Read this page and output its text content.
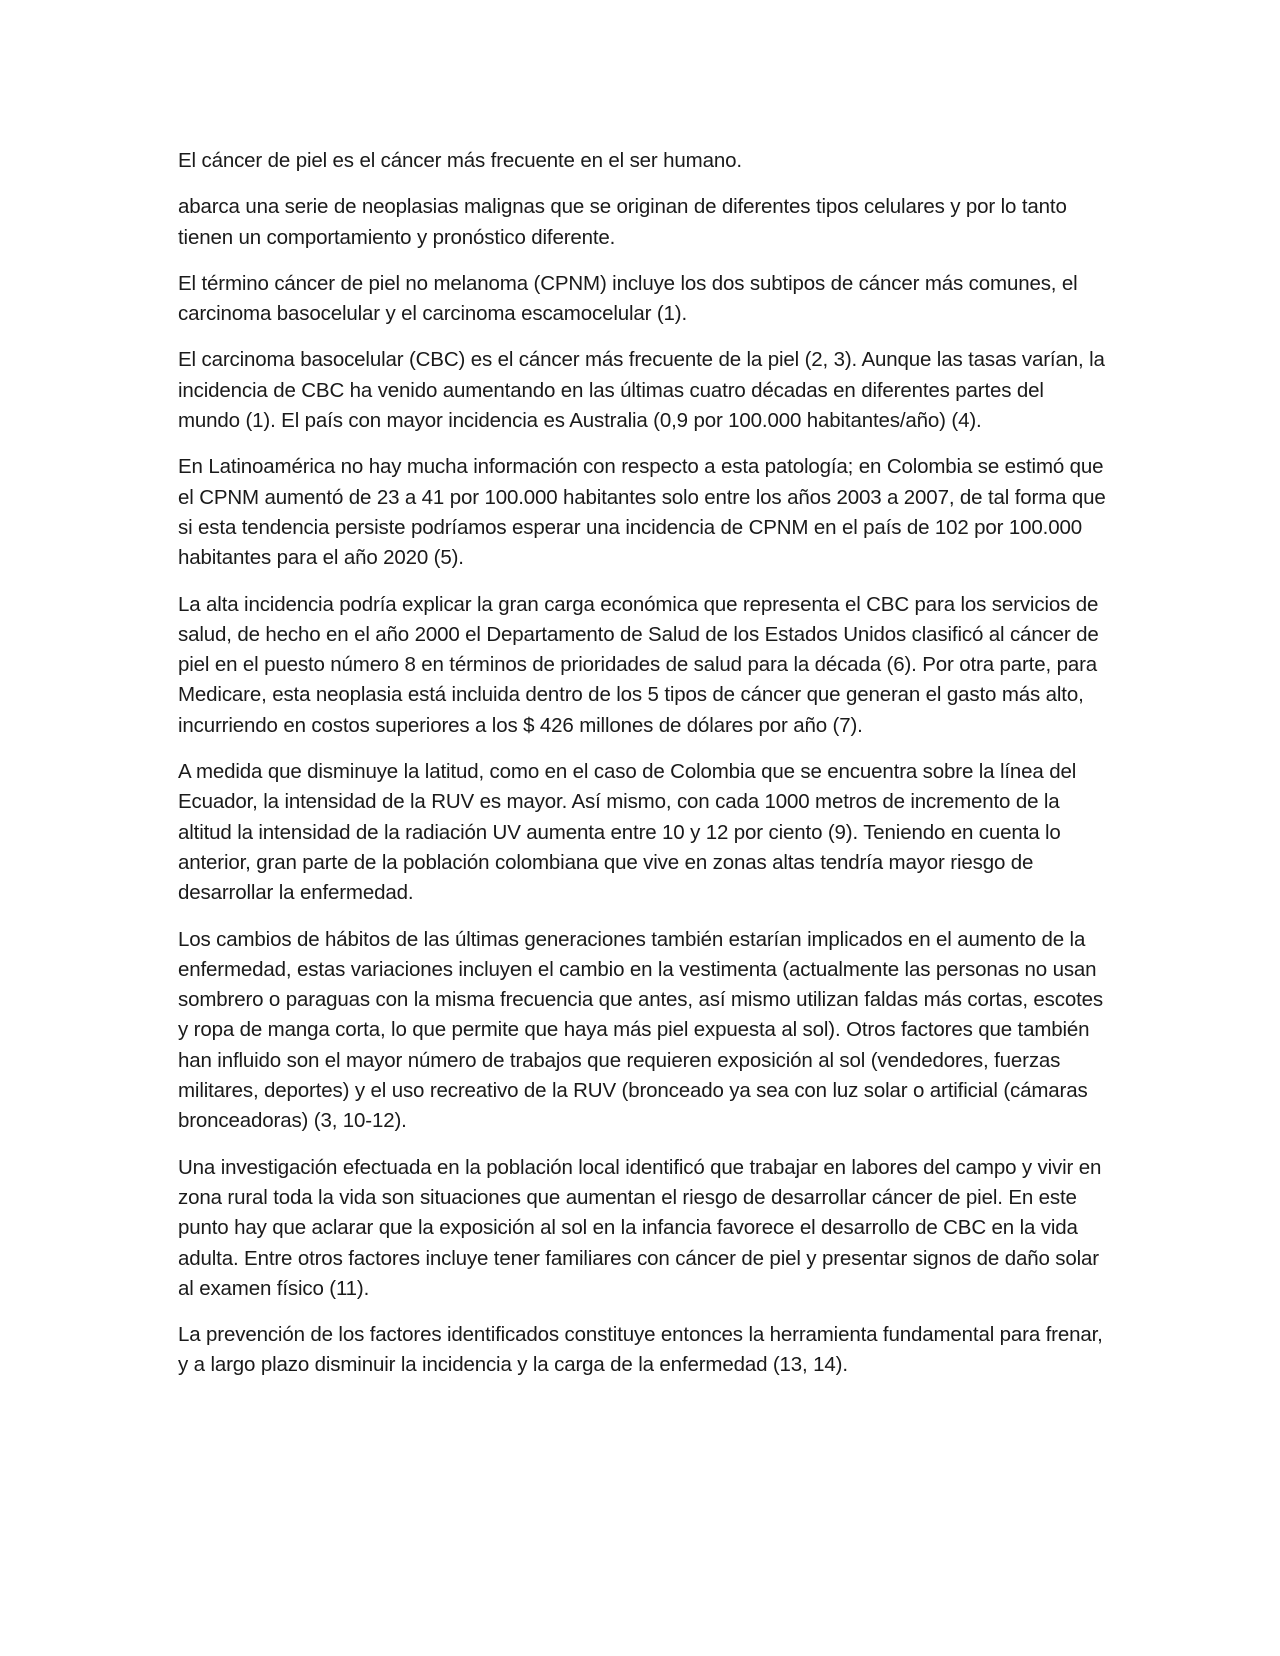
El cáncer de piel es el cáncer más frecuente en el ser humano.

abarca una serie de neoplasias malignas que se originan de diferentes tipos celulares y por lo tanto tienen un comportamiento y pronóstico diferente.

El término cáncer de piel no melanoma (CPNM) incluye los dos subtipos de cáncer más comunes, el carcinoma basocelular y el carcinoma escamocelular (1).

El carcinoma basocelular (CBC) es el cáncer más frecuente de la piel (2, 3). Aunque las tasas varían, la incidencia de CBC ha venido aumentando en las últimas cuatro décadas en diferentes partes del mundo (1). El país con mayor incidencia es Australia (0,9 por 100.000 habitantes/año) (4).

En Latinoamérica no hay mucha información con respecto a esta patología; en Colombia se estimó que el CPNM aumentó de 23 a 41 por 100.000 habitantes solo entre los años 2003 a 2007, de tal forma que si esta tendencia persiste podríamos esperar una incidencia de CPNM en el país de 102 por 100.000 habitantes para el año 2020 (5).

La alta incidencia podría explicar la gran carga económica que representa el CBC para los servicios de salud, de hecho en el año 2000 el Departamento de Salud de los Estados Unidos clasificó al cáncer de piel en el puesto número 8 en términos de prioridades de salud para la década (6). Por otra parte, para Medicare, esta neoplasia está incluida dentro de los 5 tipos de cáncer que generan el gasto más alto, incurriendo en costos superiores a los $ 426 millones de dólares por año (7).

A medida que disminuye la latitud, como en el caso de Colombia que se encuentra sobre la línea del Ecuador, la intensidad de la RUV es mayor. Así mismo, con cada 1000 metros de incremento de la altitud la intensidad de la radiación UV aumenta entre 10 y 12 por ciento (9). Teniendo en cuenta lo anterior, gran parte de la población colombiana que vive en zonas altas tendría mayor riesgo de desarrollar la enfermedad.

Los cambios de hábitos de las últimas generaciones también estarían implicados en el aumento de la enfermedad, estas variaciones incluyen el cambio en la vestimenta (actualmente las personas no usan sombrero o paraguas con la misma frecuencia que antes, así mismo utilizan faldas más cortas, escotes y ropa de manga corta, lo que permite que haya más piel expuesta al sol). Otros factores que también han influido son el mayor número de trabajos que requieren exposición al sol (vendedores, fuerzas militares, deportes) y el uso recreativo de la RUV (bronceado ya sea con luz solar o artificial (cámaras bronceadoras) (3, 10-12).

Una investigación efectuada en la población local identificó que trabajar en labores del campo y vivir en zona rural toda la vida son situaciones que aumentan el riesgo de desarrollar cáncer de piel. En este punto hay que aclarar que la exposición al sol en la infancia favorece el desarrollo de CBC en la vida adulta. Entre otros factores incluye tener familiares con cáncer de piel y presentar signos de daño solar al examen físico (11).

La prevención de los factores identificados constituye entonces la herramienta fundamental para frenar, y a largo plazo disminuir la incidencia y la carga de la enfermedad (13, 14).
